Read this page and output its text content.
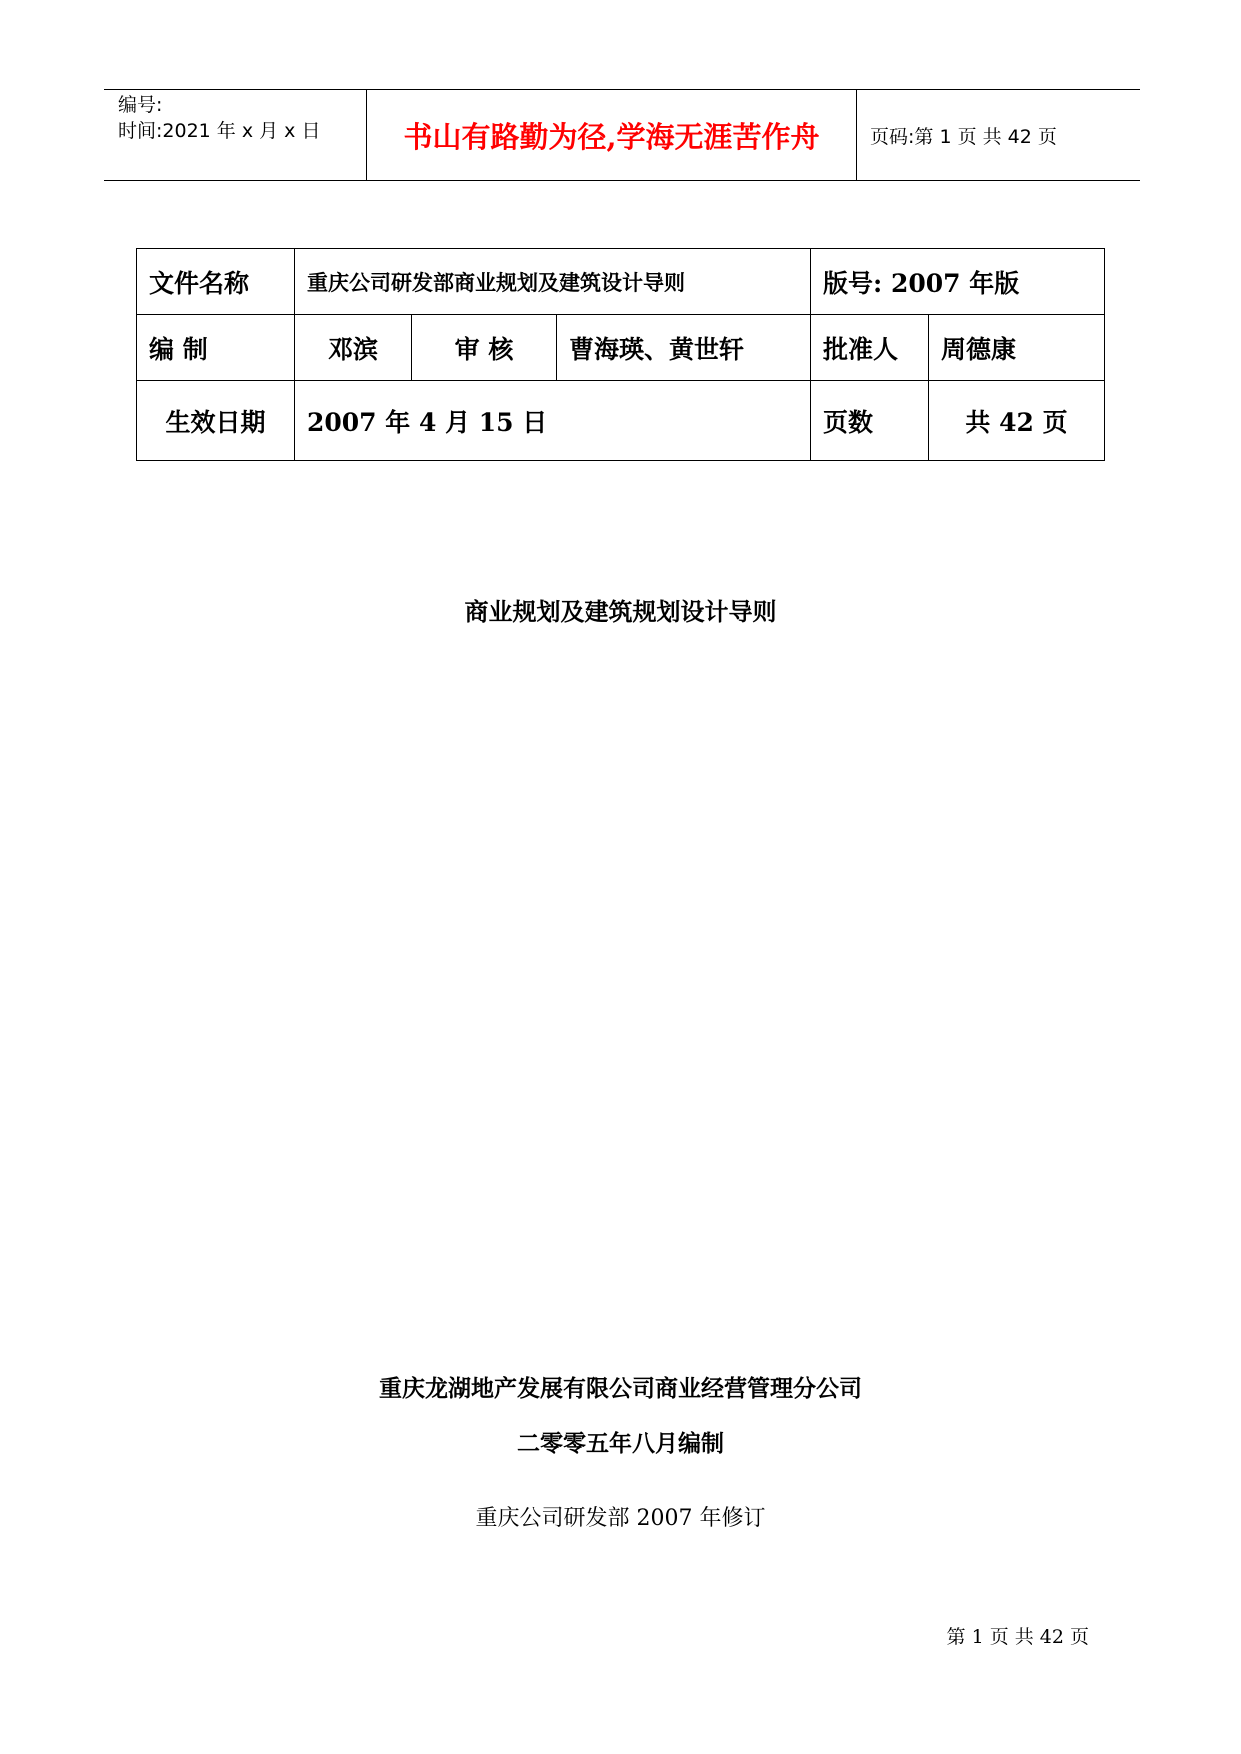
编号:
时间:2021 年 x 月 x 日	书山有路勤为径,学海无涯苦作舟	页码:第 1 页 共 42 页
文件名称	重庆公司研发部商业规划及建筑设计导则			版号: 2007 年版	
编 制	邓滨	审 核	曹海瑛、黄世轩	批准人	周德康
生效日期	2007 年 4 月 15 日			页数	共 42 页
商业规划及建筑规划设计导则
重庆龙湖地产发展有限公司商业经营管理分公司
二零零五年八月编制
重庆公司研发部 2007 年修订
第 1 页 共 42 页
